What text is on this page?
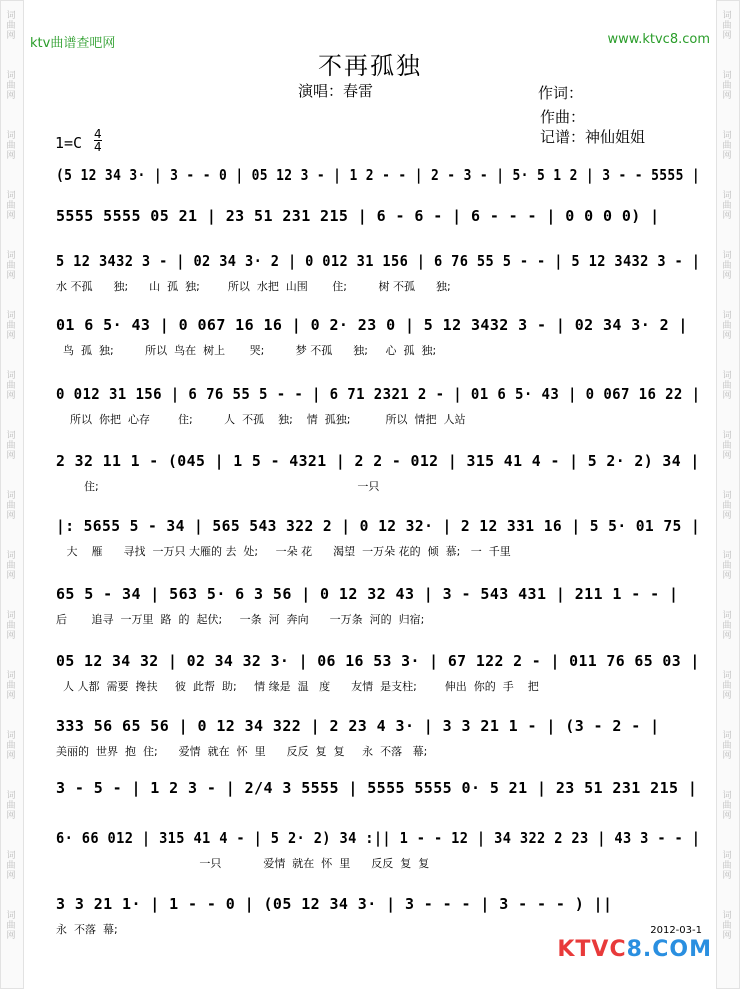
词曲网
词曲网
词曲网
词曲网
词曲网
词曲网
词曲网
词曲网
词曲网
词曲网
词曲网
词曲网
词曲网
词曲网
词曲网
词曲网
词曲网
词曲网
词曲网
词曲网
词曲网
词曲网
词曲网
词曲网
词曲网
词曲网
词曲网
词曲网
词曲网
词曲网
词曲网
词曲网
ktv曲谱查吧网	www.ktvc8.com
不再孤独
演唱：春雷	作词：
作曲：
记谱：神仙姐姐
$1=C \frac{4}{4}$
(5 12 34 3· | 3 - - 0 | 05 12 3 - | 1 2 - - | 2 - 3 - | 5· 5 1 2 | 3 - - 5555 |
5555 5555 05 21 | 23 51 231 215 | 6 - 6 - | 6 - - - | 0 0 0 0) |
5 12 3432 3 - | 02 34 3· 2 | 0 012 31 156 | 6 76 55 5 - - | 5 12 3432 3 - |
水 不孤      独;      山  孤  独;        所以  水把  山围       住;         树 不孤      独;
01 6 5· 43 | 0 067 16 16 | 0 2· 23 0 | 5 12 3432 3 - | 02 34 3· 2 |
鸟  孤  独;         所以  鸟在  树上       哭;         梦 不孤      独;     心  孤  独;
0 012 31 156 | 6 76 55 5 - - | 6 71 2321 2 - | 01 6 5· 43 | 0 067 16 22 |
所以  你把  心存        住;         人  不孤    独;    情  孤独;          所以  情把  人站
2 32 11 1 - (045 | 1 5 - 4321 | 2 2 - 012 | 315 41 4 - | 5 2· 2) 34 |
住;                                                                          一只
|: 5655 5 - 34 | 565 543 322 2 | 0 12 32· | 2 12 331 16 | 5 5· 01 75 |
大    雁      寻找  一万只 大雁的 去  处;     一朵 花      渴望  一万朵 花的  倾  慕;   一  千里
65 5 - 34 | 563 5· 6 3 56 | 0 12 32 43 | 3 - 543 431 | 211 1 - - |
后       追寻  一万里  路  的  起伏;     一条  河  奔向      一万条  河的  归宿;
05 12 34 32 | 02 34 32 3· | 06 16 53 3· | 67 122 2 - | 011 76 65 03 |
人 人都  需要  搀扶     彼  此帮  助;     情 缘是  温   度      友情  是支柱;        伸出  你的  手    把
333 56 65 56 | 0 12 34 322 | 2 23 4 3· | 3 3 21 1 - | (3 - 2 - |
美丽的  世界  抱  住;      爱情  就在  怀  里      反反  复  复     永  不落   幕;
3 - 5 - | 1 2 3 - | 2/4 3 5555 | 5555 5555 0· 5 21 | 23 51 231 215 |
6· 66 012 | 315 41 4 - | 5 2· 2) 34 :|| 1 - - 12 | 34 322 2 23 | 43 3 - - |
一只            爱情  就在  怀  里      反反  复  复
3 3 21 1· | 1 - - 0 | (05 12 34 3· | 3 - - - | 3 - - - ) ||
永  不落  幕;	2012-03-1
KTVC8.COM
